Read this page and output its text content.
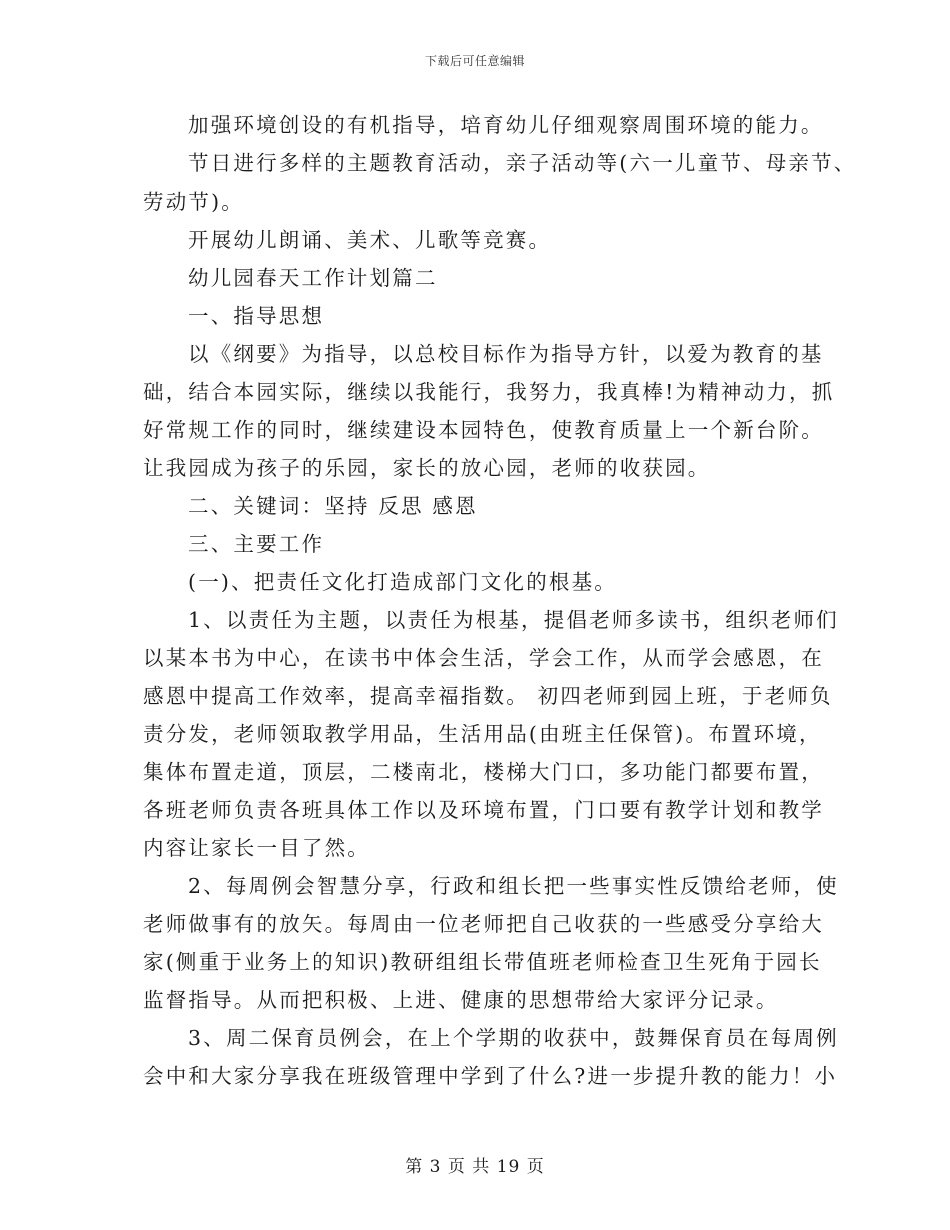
下载后可任意编辑
加强环境创设的有机指导，培育幼儿仔细观察周围环境的能力。
节日进行多样的主题教育活动，亲子活动等(六一儿童节、母亲节、
劳动节)。
开展幼儿朗诵、美术、儿歌等竞赛。
幼儿园春天工作计划篇二
一、指导思想
以《纲要》为指导，以总校目标作为指导方针，以爱为教育的基
础，结合本园实际，继续以我能行，我努力，我真棒!为精神动力，抓
好常规工作的同时，继续建设本园特色，使教育质量上一个新台阶。
让我园成为孩子的乐园，家长的放心园，老师的收获园。
二、关键词：坚持 反思 感恩
三、主要工作
(一)、把责任文化打造成部门文化的根基。
1、以责任为主题，以责任为根基，提倡老师多读书，组织老师们
以某本书为中心，在读书中体会生活，学会工作，从而学会感恩，在
感恩中提高工作效率，提高幸福指数。 初四老师到园上班，于老师负
责分发，老师领取教学用品，生活用品(由班主任保管)。布置环境，
集体布置走道，顶层，二楼南北，楼梯大门口，多功能门都要布置，
各班老师负责各班具体工作以及环境布置，门口要有教学计划和教学
内容让家长一目了然。
2、每周例会智慧分享，行政和组长把一些事实性反馈给老师，使
老师做事有的放矢。每周由一位老师把自己收获的一些感受分享给大
家(侧重于业务上的知识)教研组组长带值班老师检查卫生死角于园长
监督指导。从而把积极、上进、健康的思想带给大家评分记录。
3、周二保育员例会，在上个学期的收获中，鼓舞保育员在每周例
会中和大家分享我在班级管理中学到了什么?进一步提升教的能力！小
第 3 页 共 19 页
